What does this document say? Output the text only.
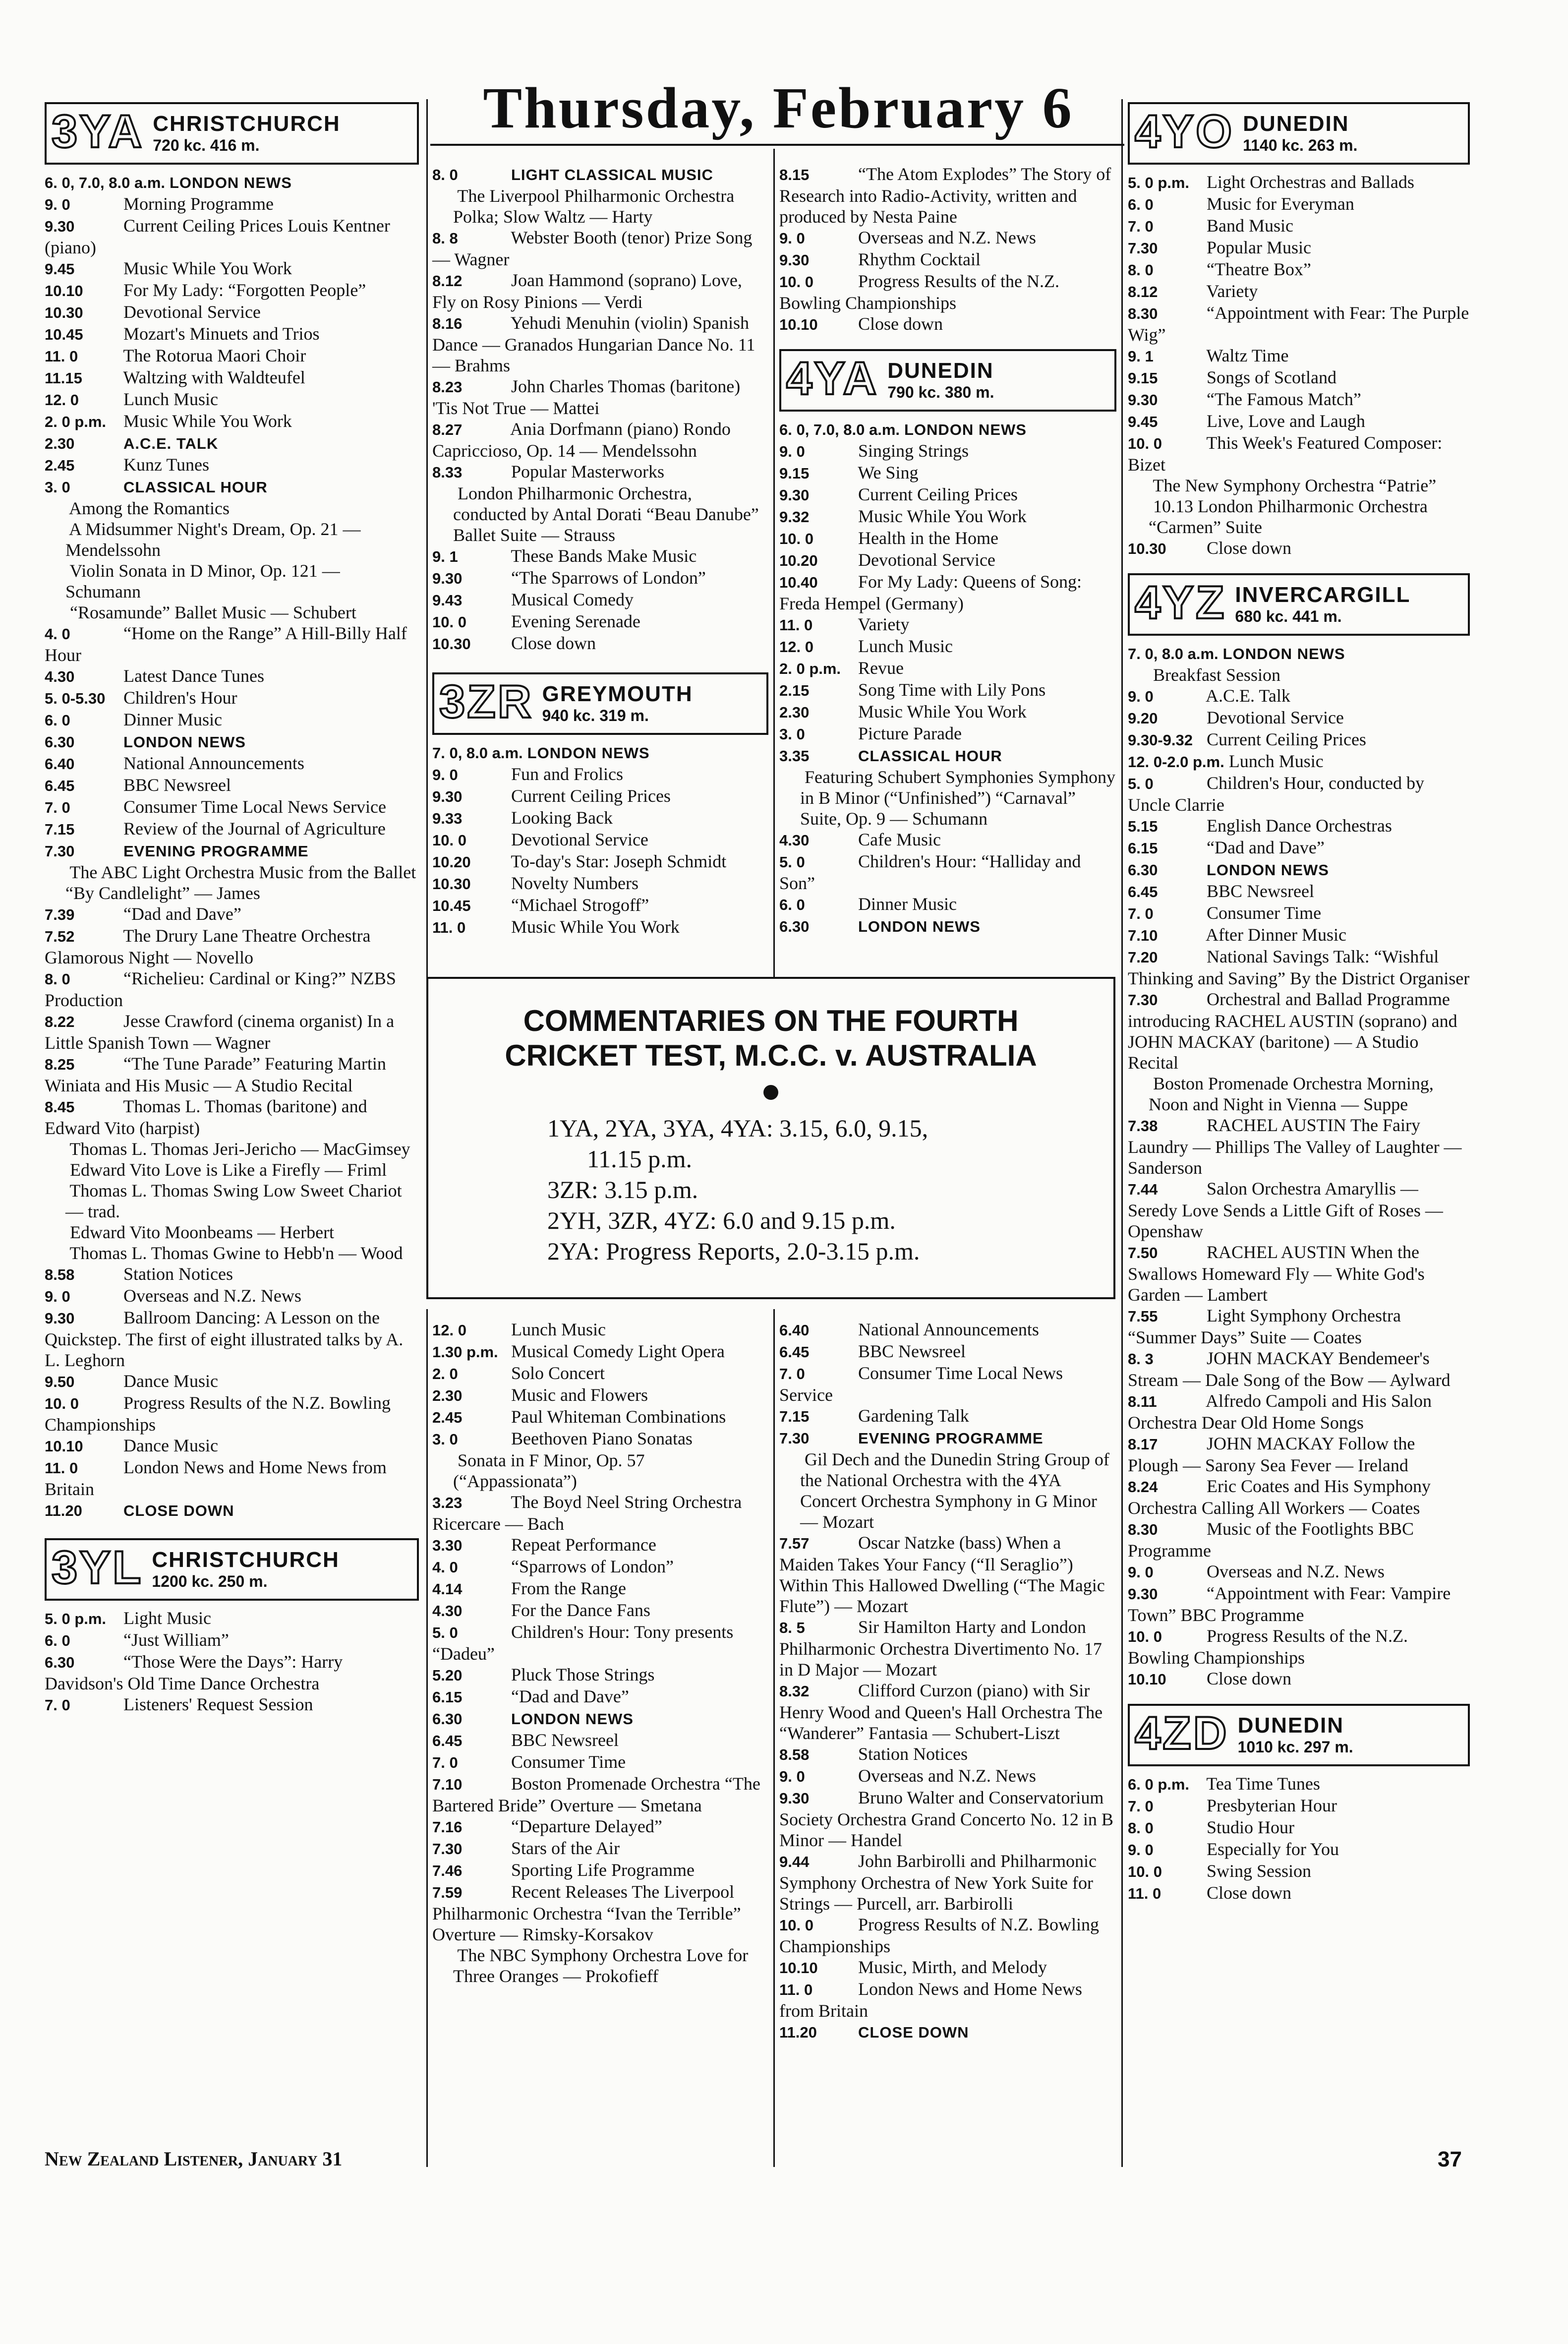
Thursday, February 6
3YA CHRISTCHURCH
720 kc. 416 m.

6. 0, 7.0, 8.0 a.m. LONDON NEWS

9. 0	Morning Programme

9.30	Current Ceiling Prices Louis Kentner (piano)

9.45	Music While You Work

10.10 For My Lady: “Forgotten People”

10.30 Devotional Service

10.45 Mozart's Minuets and Trios

11. 0	The Rotorua Maori Choir

11.15 Waltzing with Waldteufel

12. 0	Lunch Music

2. 0 p.m. Music While You Work

2.30	A.C.E. TALK

2.45	Kunz Tunes

3. 0	CLASSICAL HOUR

Among the Romantics

A Midsummer Night's Dream, Op. 21 — Mendelssohn

Violin Sonata in D Minor, Op. 121 — Schumann

“Rosamunde” Ballet Music — Schubert

4. 0	“Home on the Range” A Hill-Billy Half Hour

4.30	Latest Dance Tunes

5. 0-5.30 Children's Hour

6. 0	Dinner Music

6.30	LONDON NEWS

6.40	National Announcements

6.45	BBC Newsreel

7. 0	Consumer Time Local News Service

7.15	Review of the Journal of Agriculture

7.30	EVENING PROGRAMME

The ABC Light Orchestra Music from the Ballet “By Candlelight” — James

7.39	“Dad and Dave”

7.52	The Drury Lane Theatre Orchestra Glamorous Night — Novello

8. 0	“Richelieu: Cardinal or King?” NZBS Production

8.22	Jesse Crawford (cinema organist) In a Little Spanish Town — Wagner

8.25	“The Tune Parade” Featuring Martin Winiata and His Music — A Studio Recital

8.45	Thomas L. Thomas (baritone) and Edward Vito (harpist)

Thomas L. Thomas Jeri-Jericho — MacGimsey

Edward Vito Love is Like a Firefly — Friml

Thomas L. Thomas Swing Low Sweet Chariot — trad.

Edward Vito Moonbeams — Herbert

Thomas L. Thomas Gwine to Hebb'n — Wood

8.58	Station Notices

9. 0	Overseas and N.Z. News

9.30	Ballroom Dancing: A Lesson on the Quickstep. The first of eight illustrated talks by A. L. Leghorn

9.50	Dance Music

10. 0	Progress Results of the N.Z. Bowling Championships

10.10 Dance Music

11. 0	London News and Home News from Britain

11.20	CLOSE DOWN

3YL CHRISTCHURCH
1200 kc. 250 m.

5. 0 p.m. Light Music

6. 0	“Just William”

6.30	“Those Were the Days”: Harry Davidson's Old Time Dance Orchestra

7. 0	Listeners' Request Session

8. 0	LIGHT CLASSICAL MUSIC

The Liverpool Philharmonic Orchestra Polka; Slow Waltz — Harty

8. 8	Webster Booth (tenor) Prize Song — Wagner

8.12	Joan Hammond (soprano) Love, Fly on Rosy Pinions — Verdi

8.16	Yehudi Menuhin (violin) Spanish Dance — Granados Hungarian Dance No. 11 — Brahms

8.23	John Charles Thomas (baritone) 'Tis Not True — Mattei

8.27	Ania Dorfmann (piano) Rondo Capriccioso, Op. 14 — Mendelssohn

8.33	Popular Masterworks

London Philharmonic Orchestra, conducted by Antal Dorati “Beau Danube” Ballet Suite — Strauss

9. 1	These Bands Make Music

9.30	“The Sparrows of London”

9.43	Musical Comedy

10. 0	Evening Serenade

10.30 Close down

3ZR GREYMOUTH
940 kc. 319 m.

7. 0, 8.0 a.m. LONDON NEWS

9. 0	Fun and Frolics

9.30	Current Ceiling Prices

9.33	Looking Back

10. 0	Devotional Service

10.20 To-day's Star: Joseph Schmidt

10.30 Novelty Numbers

10.45 “Michael Strogoff”

11. 0	Music While You Work

8.15	“The Atom Explodes” The Story of Research into Radio-Activity, written and produced by Nesta Paine

9. 0	Overseas and N.Z. News

9.30	Rhythm Cocktail

10. 0	Progress Results of the N.Z. Bowling Championships

10.10 Close down

4YA DUNEDIN
790 kc. 380 m.

6. 0, 7.0, 8.0 a.m. LONDON NEWS

9. 0	Singing Strings

9.15	We Sing

9.30	Current Ceiling Prices

9.32	Music While You Work

10. 0	Health in the Home

10.20 Devotional Service

10.40 For My Lady: Queens of Song: Freda Hempel (Germany)

11. 0	Variety

12. 0	Lunch Music

2. 0 p.m. Revue

2.15	Song Time with Lily Pons

2.30	Music While You Work

3. 0	Picture Parade

3.35	CLASSICAL HOUR

Featuring Schubert Symphonies Symphony in B Minor (“Unfinished”) “Carnaval” Suite, Op. 9 — Schumann

4.30	Cafe Music

5. 0	Children's Hour: “Halliday and Son”

6. 0	Dinner Music

6.30	LONDON NEWS

COMMENTARIES ON THE FOURTH
CRICKET TEST, M.C.C. v. AUSTRALIA
1YA, 2YA, 3YA, 4YA: 3.15, 6.0, 9.15,
11.15 p.m.
3ZR: 3.15 p.m.
2YH, 3ZR, 4YZ: 6.0 and 9.15 p.m.
2YA: Progress Reports, 2.0-3.15 p.m.

12. 0	Lunch Music

1.30 p.m. Musical Comedy Light Opera

2. 0	Solo Concert

2.30	Music and Flowers

2.45	Paul Whiteman Combinations

3. 0	Beethoven Piano Sonatas

Sonata in F Minor, Op. 57 (“Appassionata”)

3.23	The Boyd Neel String Orchestra Ricercare — Bach

3.30	Repeat Performance

4. 0	“Sparrows of London”

4.14	From the Range

4.30	For the Dance Fans

5. 0	Children's Hour: Tony presents “Dadeu”

5.20	Pluck Those Strings

6.15	“Dad and Dave”

6.30	LONDON NEWS

6.45	BBC Newsreel

7. 0	Consumer Time

7.10	Boston Promenade Orchestra “The Bartered Bride” Overture — Smetana

7.16	“Departure Delayed”

7.30	Stars of the Air

7.46	Sporting Life Programme

7.59	Recent Releases The Liverpool Philharmonic Orchestra “Ivan the Terrible” Overture — Rimsky-Korsakov

The NBC Symphony Orchestra Love for Three Oranges — Prokofieff

6.40	National Announcements

6.45	BBC Newsreel

7. 0	Consumer Time Local News Service

7.15	Gardening Talk

7.30	EVENING PROGRAMME

Gil Dech and the Dunedin String Group of the National Orchestra with the 4YA Concert Orchestra Symphony in G Minor — Mozart

7.57	Oscar Natzke (bass) When a Maiden Takes Your Fancy (“Il Seraglio”) Within This Hallowed Dwelling (“The Magic Flute”) — Mozart

8. 5	Sir Hamilton Harty and London Philharmonic Orchestra Divertimento No. 17 in D Major — Mozart

8.32	Clifford Curzon (piano) with Sir Henry Wood and Queen's Hall Orchestra The “Wanderer” Fantasia — Schubert-Liszt

8.58	Station Notices

9. 0	Overseas and N.Z. News

9.30	Bruno Walter and Conservatorium Society Orchestra Grand Concerto No. 12 in B Minor — Handel

9.44	John Barbirolli and Philharmonic Symphony Orchestra of New York Suite for Strings — Purcell, arr. Barbirolli

10. 0	Progress Results of N.Z. Bowling Championships

10.10 Music, Mirth, and Melody

11. 0	London News and Home News from Britain

11.20	CLOSE DOWN

4YO DUNEDIN
1140 kc. 263 m.

5. 0 p.m. Light Orchestras and Ballads

6. 0	Music for Everyman

7. 0	Band Music

7.30	Popular Music

8. 0	“Theatre Box”

8.12	Variety

8.30	“Appointment with Fear: The Purple Wig”

9. 1	Waltz Time

9.15	Songs of Scotland

9.30	“The Famous Match”

9.45	Live, Love and Laugh

10. 0 This Week's Featured Composer: Bizet

The New Symphony Orchestra “Patrie”

10.13 London Philharmonic Orchestra “Carmen” Suite

10.30 Close down

4YZ INVERCARGILL
680 kc. 441 m.

7. 0, 8.0 a.m. LONDON NEWS

Breakfast Session

9. 0	A.C.E. Talk

9.20	Devotional Service

9.30-9.32 Current Ceiling Prices

12. 0-2.0 p.m. Lunch Music

5. 0	Children's Hour, conducted by Uncle Clarrie

5.15	English Dance Orchestras

6.15	“Dad and Dave”

6.30	LONDON NEWS

6.45	BBC Newsreel

7. 0	Consumer Time

7.10	After Dinner Music

7.20	National Savings Talk: “Wishful Thinking and Saving” By the District Organiser

7.30	Orchestral and Ballad Programme introducing RACHEL AUSTIN (soprano) and JOHN MACKAY (baritone) — A Studio Recital

Boston Promenade Orchestra Morning, Noon and Night in Vienna — Suppe

7.38	RACHEL AUSTIN The Fairy Laundry — Phillips The Valley of Laughter — Sanderson

7.44	Salon Orchestra Amaryllis — Seredy Love Sends a Little Gift of Roses — Openshaw

7.50	RACHEL AUSTIN When the Swallows Homeward Fly — White God's Garden — Lambert

7.55	Light Symphony Orchestra “Summer Days” Suite — Coates

8. 3	JOHN MACKAY Bendemeer's Stream — Dale Song of the Bow — Aylward

8.11	Alfredo Campoli and His Salon Orchestra Dear Old Home Songs

8.17	JOHN MACKAY Follow the Plough — Sarony Sea Fever — Ireland

8.24	Eric Coates and His Symphony Orchestra Calling All Workers — Coates

8.30	Music of the Footlights BBC Programme

9. 0	Overseas and N.Z. News

9.30	“Appointment with Fear: Vampire Town” BBC Programme

10. 0	Progress Results of the N.Z. Bowling Championships

10.10 Close down

4ZD DUNEDIN
1010 kc. 297 m.

6. 0 p.m. Tea Time Tunes

7. 0	Presbyterian Hour

8. 0	Studio Hour

9. 0	Especially for You

10. 0	Swing Session

11. 0	Close down

New Zealand Listener, January 31	37
